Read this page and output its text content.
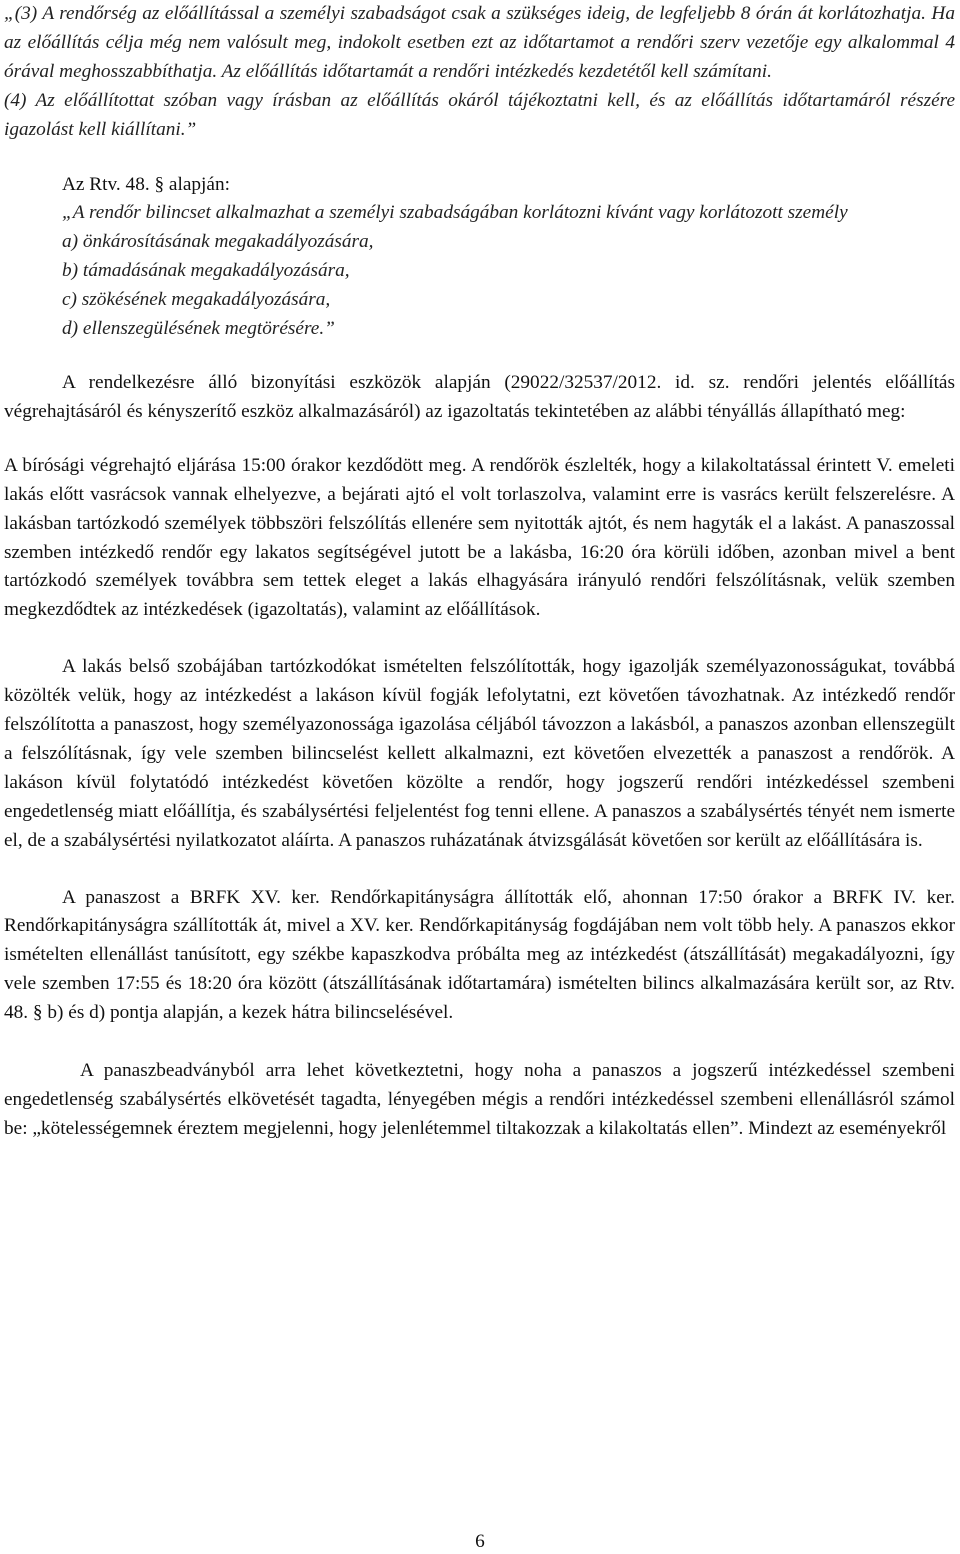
„(3) A rendőrség az előállítással a személyi szabadságot csak a szükséges ideig, de legfeljebb 8 órán át korlátozhatja. Ha az előállítás célja még nem valósult meg, indokolt esetben ezt az időtartamot a rendőri szerv vezetője egy alkalommal 4 órával meghosszabbíthatja. Az előállítás időtartamát a rendőri intézkedés kezdetétől kell számítani.

(4) Az előállítottat szóban vagy írásban az előállítás okáról tájékoztatni kell, és az előállítás időtartamáról részére igazolást kell kiállítani.”

Az Rtv. 48. § alapján:

„A rendőr bilincset alkalmazhat a személyi szabadságában korlátozni kívánt vagy korlátozott személy

a) önkárosításának megakadályozására,

b) támadásának megakadályozására,

c) szökésének megakadályozására,

d) ellenszegülésének megtörésére.”

A rendelkezésre álló bizonyítási eszközök alapján (29022/32537/2012. id. sz. rendőri jelentés előállítás végrehajtásáról és kényszerítő eszköz alkalmazásáról) az igazoltatás tekintetében az alábbi tényállás állapítható meg:

A bírósági végrehajtó eljárása 15:00 órakor kezdődött meg. A rendőrök észlelték, hogy a kilakoltatással érintett V. emeleti lakás előtt vasrácsok vannak elhelyezve, a bejárati ajtó el volt torlaszolva, valamint erre is vasrács került felszerelésre. A lakásban tartózkodó személyek többszöri felszólítás ellenére sem nyitották ajtót, és nem hagyták el a lakást. A panaszossal szemben intézkedő rendőr egy lakatos segítségével jutott be a lakásba, 16:20 óra körüli időben, azonban mivel a bent tartózkodó személyek továbbra sem tettek eleget a lakás elhagyására irányuló rendőri felszólításnak, velük szemben megkezdődtek az intézkedések (igazoltatás), valamint az előállítások.

A lakás belső szobájában tartózkodókat ismételten felszólították, hogy igazolják személyazonosságukat, továbbá közölték velük, hogy az intézkedést a lakáson kívül fogják lefolytatni, ezt követően távozhatnak. Az intézkedő rendőr felszólította a panaszost, hogy személyazonossága igazolása céljából távozzon a lakásból, a panaszos azonban ellenszegült a felszólításnak, így vele szemben bilincselést kellett alkalmazni, ezt követően elvezették a panaszost a rendőrök. A lakáson kívül folytatódó intézkedést követően közölte a rendőr, hogy jogszerű rendőri intézkedéssel szembeni engedetlenség miatt előállítja, és szabálysértési feljelentést fog tenni ellene. A panaszos a szabálysértés tényét nem ismerte el, de a szabálysértési nyilatkozatot aláírta. A panaszos ruházatának átvizsgálását követően sor került az előállítására is.

A panaszost a BRFK XV. ker. Rendőrkapitányságra állították elő, ahonnan 17:50 órakor a BRFK IV. ker. Rendőrkapitányságra szállították át, mivel a XV. ker. Rendőrkapitányság fogdájában nem volt több hely. A panaszos ekkor ismételten ellenállást tanúsított, egy székbe kapaszkodva próbálta meg az intézkedést (átszállítását) megakadályozni, így vele szemben 17:55 és 18:20 óra között (átszállításának időtartamára) ismételten bilincs alkalmazására került sor, az Rtv. 48. § b) és d) pontja alapján, a kezek hátra bilincselésével.

A panaszbeadványból arra lehet következtetni, hogy noha a panaszos a jogszerű intézkedéssel szembeni engedetlenség szabálysértés elkövetését tagadta, lényegében mégis a rendőri intézkedéssel szembeni ellenállásról számol be: „kötelességemnek éreztem megjelenni, hogy jelenlétemmel tiltakozzak a kilakoltatás ellen”. Mindezt az eseményekről

6
